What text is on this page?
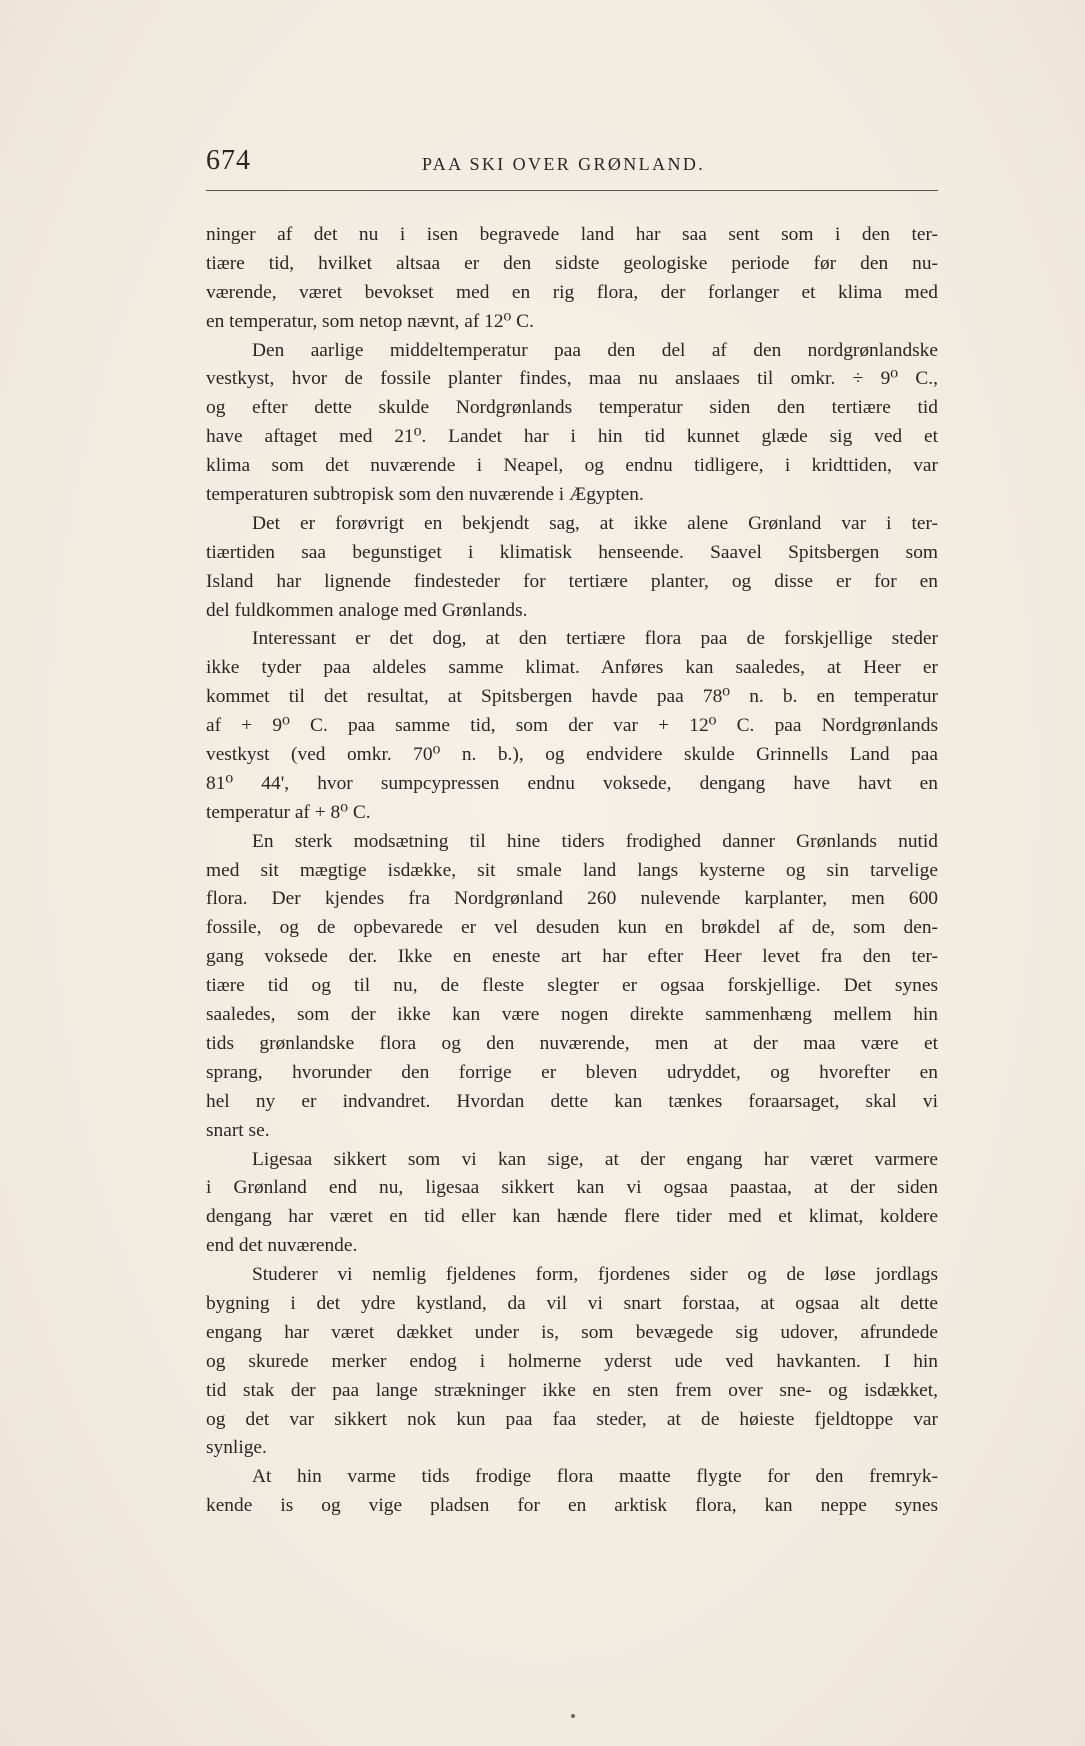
674	PAA SKI OVER GRØNLAND.
ninger af det nu i isen begravede land har saa sent som i den ter-
tiære tid, hvilket altsaa er den sidste geologiske periode før den nu-
værende, været bevokset med en rig flora, der forlanger et klima med
en temperatur, som netop nævnt, af 12⁰ C.
Den aarlige middeltemperatur paa den del af den nordgrønlandske
vestkyst, hvor de fossile planter findes, maa nu anslaaes til omkr. ÷ 9⁰ C.,
og efter dette skulde Nordgrønlands temperatur siden den tertiære tid
have aftaget med 21⁰. Landet har i hin tid kunnet glæde sig ved et
klima som det nuværende i Neapel, og endnu tidligere, i kridttiden, var
temperaturen subtropisk som den nuværende i Ægypten.
Det er forøvrigt en bekjendt sag, at ikke alene Grønland var i ter-
tiærtiden saa begunstiget i klimatisk henseende. Saavel Spitsbergen som
Island har lignende findesteder for tertiære planter, og disse er for en
del fuldkommen analoge med Grønlands.
Interessant er det dog, at den tertiære flora paa de forskjellige steder
ikke tyder paa aldeles samme klimat. Anføres kan saaledes, at Heer er
kommet til det resultat, at Spitsbergen havde paa 78⁰ n. b. en temperatur
af + 9⁰ C. paa samme tid, som der var + 12⁰ C. paa Nordgrønlands
vestkyst (ved omkr. 70⁰ n. b.), og endvidere skulde Grinnells Land paa
81⁰ 44', hvor sumpcypressen endnu voksede, dengang have havt en
temperatur af + 8⁰ C.
En sterk modsætning til hine tiders frodighed danner Grønlands nutid
med sit mægtige isdække, sit smale land langs kysterne og sin tarvelige
flora. Der kjendes fra Nordgrønland 260 nulevende karplanter, men 600
fossile, og de opbevarede er vel desuden kun en brøkdel af de, som den-
gang voksede der. Ikke en eneste art har efter Heer levet fra den ter-
tiære tid og til nu, de fleste slegter er ogsaa forskjellige. Det synes
saaledes, som der ikke kan være nogen direkte sammenhæng mellem hin
tids grønlandske flora og den nuværende, men at der maa være et
sprang, hvorunder den forrige er bleven udryddet, og hvorefter en
hel ny er indvandret. Hvordan dette kan tænkes foraarsaget, skal vi
snart se.
Ligesaa sikkert som vi kan sige, at der engang har været varmere
i Grønland end nu, ligesaa sikkert kan vi ogsaa paastaa, at der siden
dengang har været en tid eller kan hænde flere tider med et klimat, koldere
end det nuværende.
Studerer vi nemlig fjeldenes form, fjordenes sider og de løse jordlags
bygning i det ydre kystland, da vil vi snart forstaa, at ogsaa alt dette
engang har været dækket under is, som bevægede sig udover, afrundede
og skurede merker endog i holmerne yderst ude ved havkanten. I hin
tid stak der paa lange strækninger ikke en sten frem over sne- og isdækket,
og det var sikkert nok kun paa faa steder, at de høieste fjeldtoppe var
synlige.
At hin varme tids frodige flora maatte flygte for den fremryk-
kende is og vige pladsen for en arktisk flora, kan neppe synes
